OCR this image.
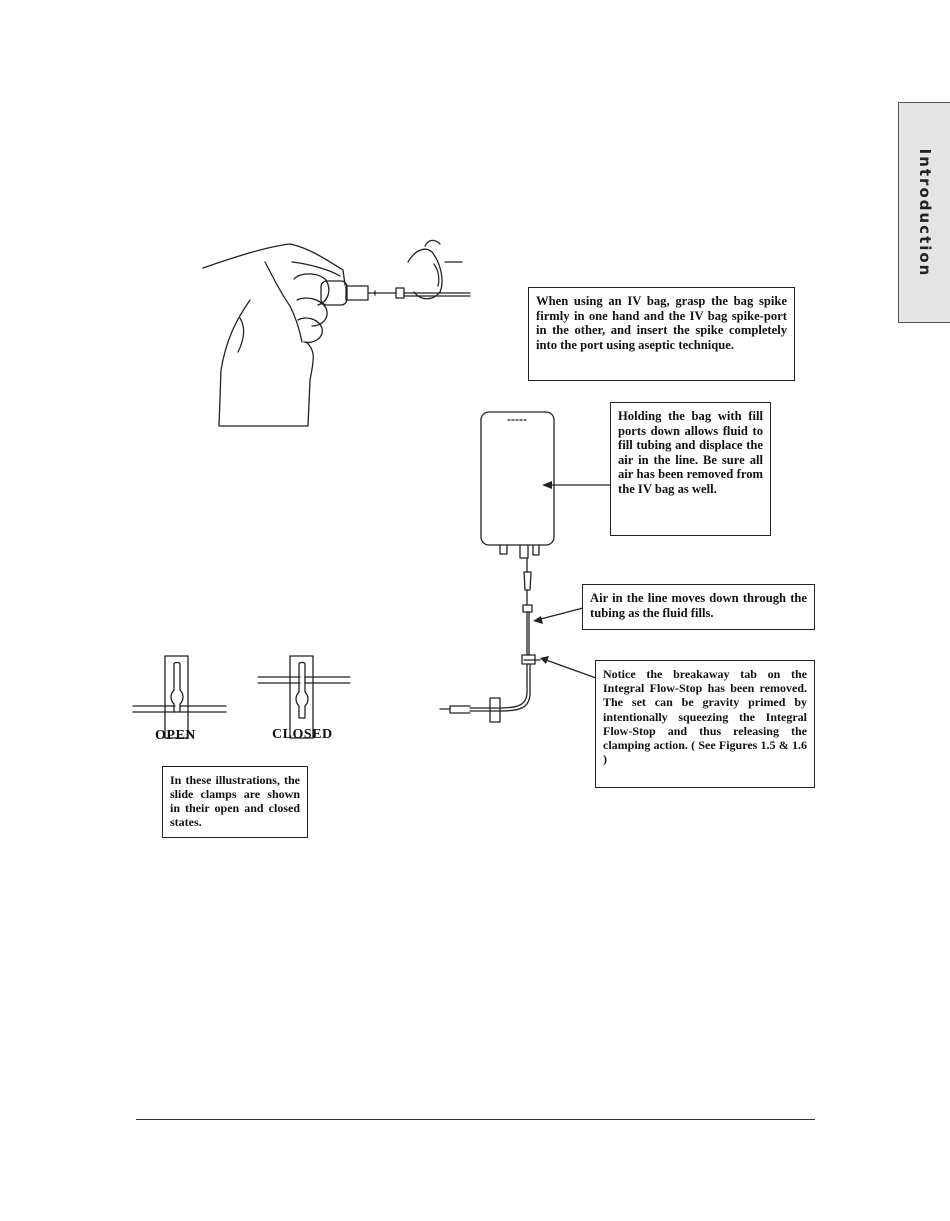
Introduction
When using an IV bag, grasp the bag spike firmly in one hand and the IV bag spike-port in the other, and insert the spike completely into the port using aseptic technique.
Holding the bag with fill ports down allows fluid to fill tubing and displace the air in the line. Be sure all air has been removed from the IV bag as well.
Air in the line moves down through the tubing as the fluid fills.
Notice the breakaway tab on the Integral Flow-Stop has been removed. The set can be gravity primed by intentionally squeezing the Integral Flow-Stop and thus releasing the clamping action. ( See Figures 1.5 & 1.6 )
In these illustrations, the slide clamps are shown in their open and closed states.
OPEN	CLOSED
